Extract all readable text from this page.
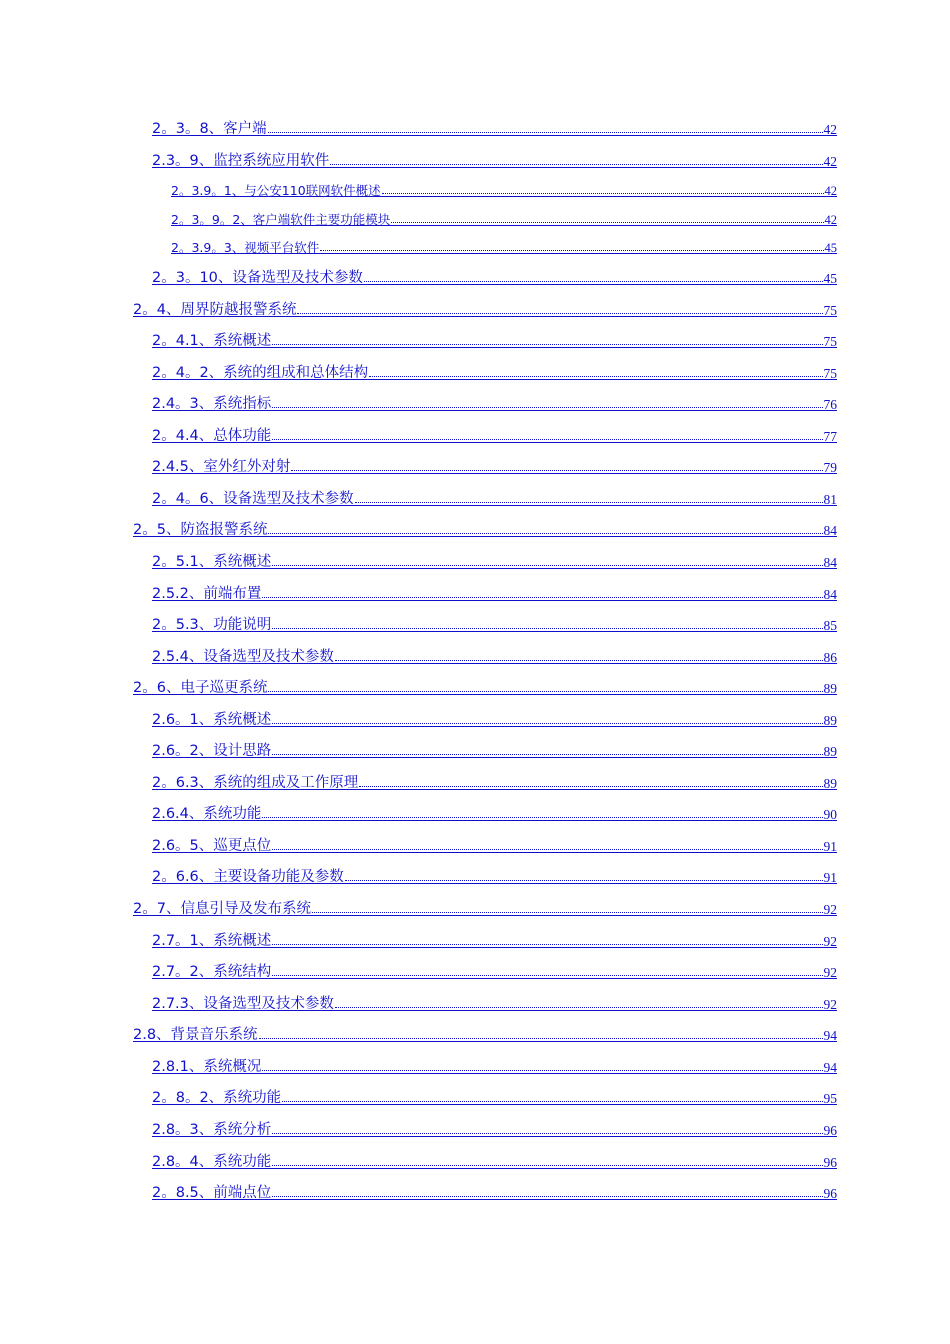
2。3。8、客户端	42
2.3。9、监控系统应用软件	42
2。3.9。1、与公安110联网软件概述	42
2。3。9。2、客户端软件主要功能模块	42
2。3.9。3、视频平台软件	45
2。3。10、设备选型及技术参数	45
2。4、周界防越报警系统	75
2。4.1、系统概述	75
2。4。2、系统的组成和总体结构	75
2.4。3、系统指标	76
2。4.4、总体功能	77
2.4.5、室外红外对射	79
2。4。6、设备选型及技术参数	81
2。5、防盗报警系统	84
2。5.1、系统概述	84
2.5.2、前端布置	84
2。5.3、功能说明	85
2.5.4、设备选型及技术参数	86
2。6、电子巡更系统	89
2.6。1、系统概述	89
2.6。2、设计思路	89
2。6.3、系统的组成及工作原理	89
2.6.4、系统功能	90
2.6。5、巡更点位	91
2。6.6、主要设备功能及参数	91
2。7、信息引导及发布系统	92
2.7。1、系统概述	92
2.7。2、系统结构	92
2.7.3、设备选型及技术参数	92
2.8、背景音乐系统	94
2.8.1、系统概况	94
2。8。2、系统功能	95
2.8。3、系统分析	96
2.8。4、系统功能	96
2。8.5、前端点位	96
